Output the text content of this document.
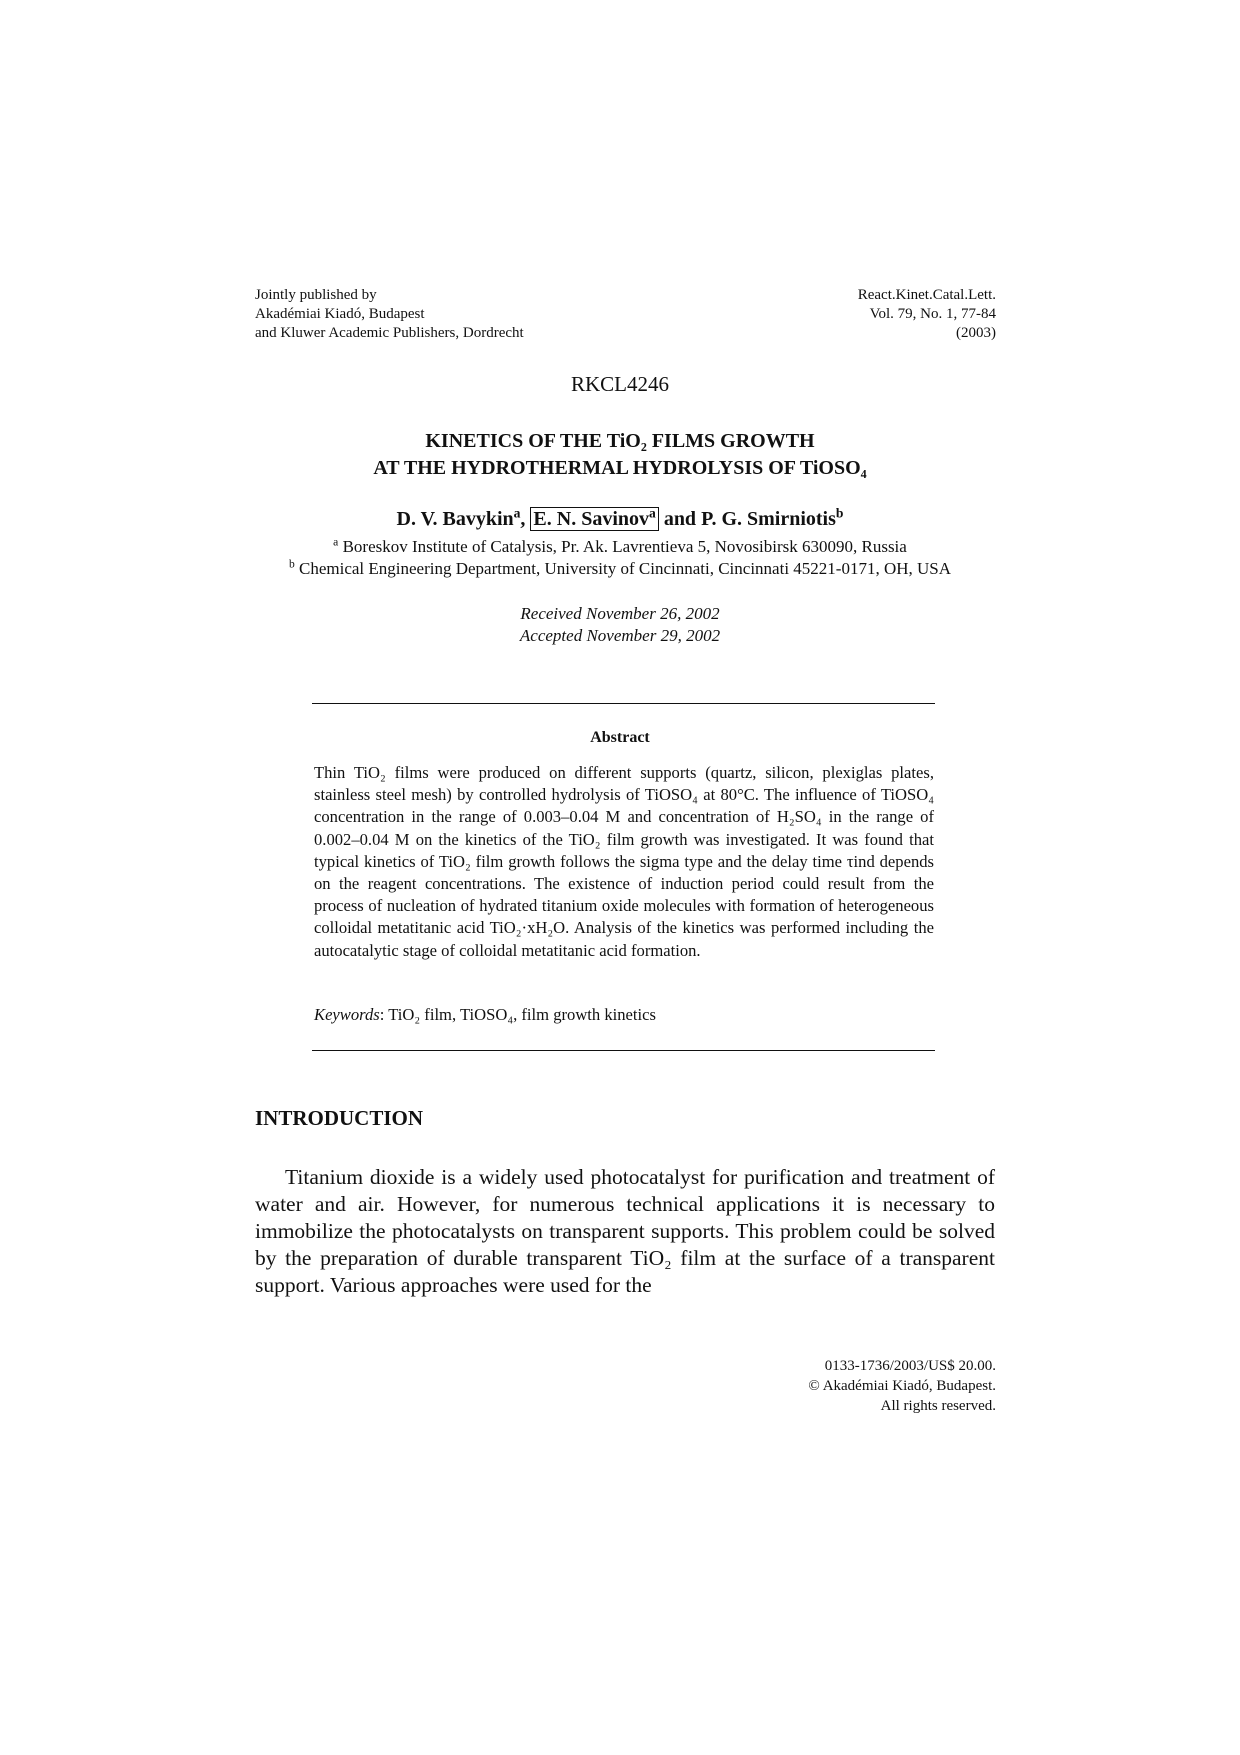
Jointly published by
Akadémiai Kiadó, Budapest
and Kluwer Academic Publishers, Dordrecht
React.Kinet.Catal.Lett.
Vol. 79, No. 1, 77-84
(2003)
RKCL4246
KINETICS OF THE TiO₂ FILMS GROWTH
AT THE HYDROTHERMAL HYDROLYSIS OF TiOSO₄
D. V. Bavykin$^a$, E. N. Savinov$^a$ and P. G. Smirniotis$^b$
$^a$ Boreskov Institute of Catalysis, Pr. Ak. Lavrentieva 5, Novosibirsk 630090, Russia
$^b$ Chemical Engineering Department, University of Cincinnati, Cincinnati 45221-0171, OH, USA
Received November 26, 2002
Accepted November 29, 2002
Abstract
Thin TiO₂ films were produced on different supports (quartz, silicon, plexiglas plates, stainless steel mesh) by controlled hydrolysis of TiOSO₄ at 80°C. The influence of TiOSO₄ concentration in the range of 0.003–0.04 M and concentration of H₂SO₄ in the range of 0.002–0.04 M on the kinetics of the TiO₂ film growth was investigated. It was found that typical kinetics of TiO₂ film growth follows the sigma type and the delay time τind depends on the reagent concentrations. The existence of induction period could result from the process of nucleation of hydrated titanium oxide molecules with formation of heterogeneous colloidal metatitanic acid TiO₂·xH₂O. Analysis of the kinetics was performed including the autocatalytic stage of colloidal metatitanic acid formation.
Keywords: TiO₂ film, TiOSO₄, film growth kinetics
INTRODUCTION
Titanium dioxide is a widely used photocatalyst for purification and treatment of water and air. However, for numerous technical applications it is necessary to immobilize the photocatalysts on transparent supports. This problem could be solved by the preparation of durable transparent TiO₂ film at the surface of a transparent support. Various approaches were used for the
0133-1736/2003/US$ 20.00.
© Akadémiai Kiadó, Budapest.
All rights reserved.
